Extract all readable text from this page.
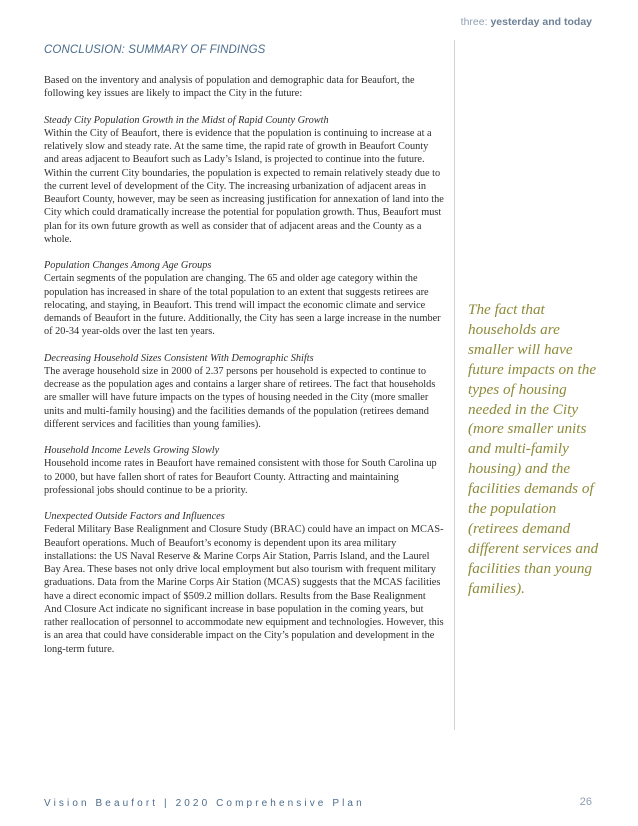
three: yesterday and today
CONCLUSION: SUMMARY OF FINDINGS

Based on the inventory and analysis of population and demographic data for Beaufort, the following key issues are likely to impact the City in the future:

Steady City Population Growth in the Midst of Rapid County Growth
Within the City of Beaufort, there is evidence that the population is continuing to increase at a relatively slow and steady rate. At the same time, the rapid rate of growth in Beaufort County and areas adjacent to Beaufort such as Lady’s Island, is projected to continue into the future. Within the current City boundaries, the population is expected to remain relatively steady due to the current level of development of the City. The increasing urbanization of adjacent areas in Beaufort County, however, may be seen as increasing justification for annexation of land into the City which could dramatically increase the potential for population growth. Thus, Beaufort must plan for its own future growth as well as consider that of adjacent areas and the County as a whole.

Population Changes Among Age Groups
Certain segments of the population are changing. The 65 and older age category within the population has increased in share of the total population to an extent that suggests retirees are relocating, and staying, in Beaufort. This trend will impact the economic climate and service demands of Beaufort in the future. Additionally, the City has seen a large increase in the number of 20-34 year-olds over the last ten years.

Decreasing Household Sizes Consistent With Demographic Shifts
The average household size in 2000 of 2.37 persons per household is expected to continue to decrease as the population ages and contains a larger share of retirees. The fact that households are smaller will have future impacts on the types of housing needed in the City (more smaller units and multi-family housing) and the facilities demands of the population (retirees demand different services and facilities than young families).

Household Income Levels Growing Slowly
Household income rates in Beaufort have remained consistent with those for South Carolina up to 2000, but have fallen short of rates for Beaufort County. Attracting and maintaining professional jobs should continue to be a priority.

Unexpected Outside Factors and Influences
Federal Military Base Realignment and Closure Study (BRAC) could have an impact on MCAS-Beaufort operations. Much of Beaufort’s economy is dependent upon its area military installations: the US Naval Reserve & Marine Corps Air Station, Parris Island, and the Laurel Bay Area. These bases not only drive local employment but also tourism with frequent military graduations. Data from the Marine Corps Air Station (MCAS) suggests that the MCAS facilities have a direct economic impact of $509.2 million dollars. Results from the Base Realignment And Closure Act indicate no significant increase in base population in the coming years, but rather reallocation of personnel to accommodate new equipment and technologies. However, this is an area that could have considerable impact on the City’s population and development in the long-term future.

The fact that households are smaller will have future impacts on the types of housing needed in the City (more smaller units and multi-family housing) and the facilities demands of the population (retirees demand different services and facilities than young families).
Vision Beaufort | 2020 Comprehensive Plan	26
